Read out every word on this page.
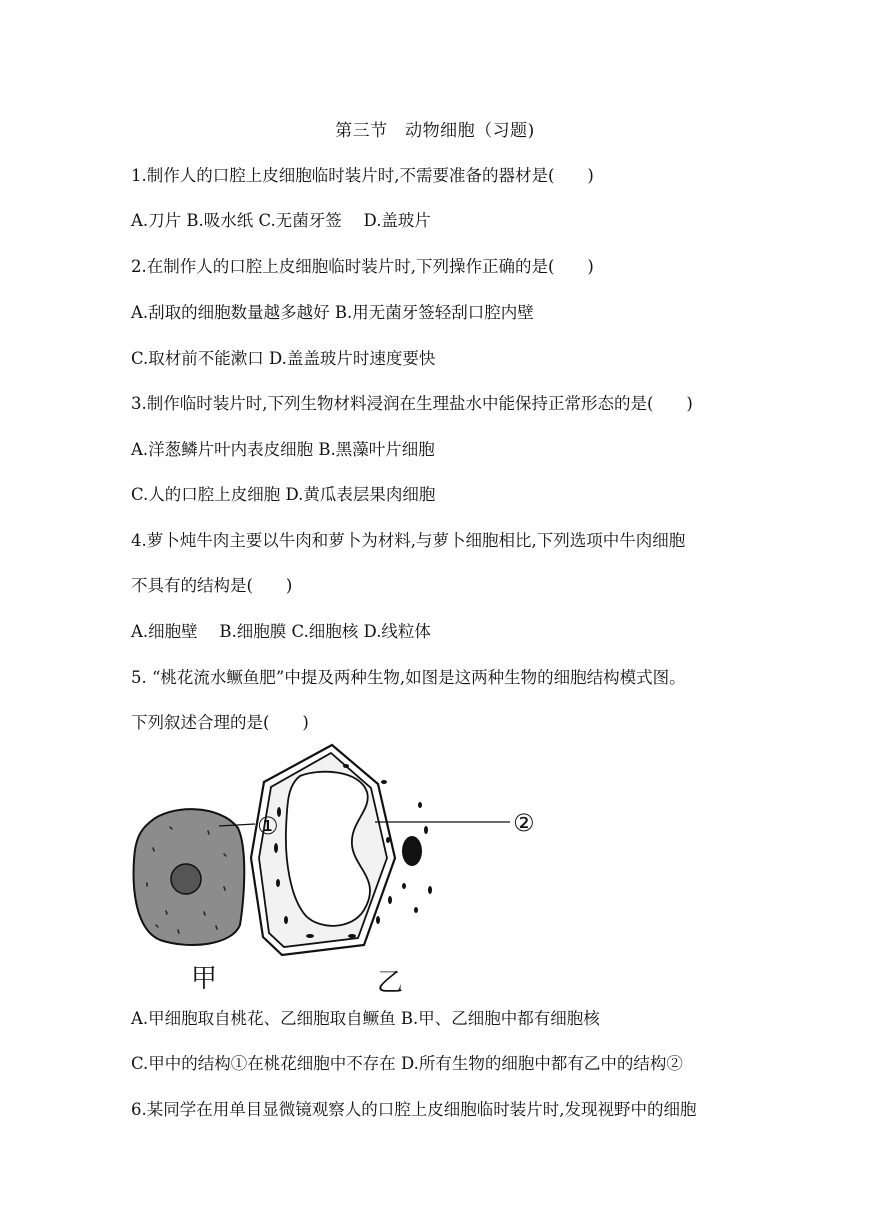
第三节　动物细胞（习题)
1.制作人的口腔上皮细胞临时装片时,不需要准备的器材是(　　)
A.刀片 B.吸水纸 C.无菌牙签　 D.盖玻片
2.在制作人的口腔上皮细胞临时装片时,下列操作正确的是(　　)
A.刮取的细胞数量越多越好 B.用无菌牙签轻刮口腔内壁
C.取材前不能漱口 D.盖盖玻片时速度要快
3.制作临时装片时,下列生物材料浸润在生理盐水中能保持正常形态的是(　　)
A.洋葱鳞片叶内表皮细胞 B.黑藻叶片细胞
C.人的口腔上皮细胞 D.黄瓜表层果肉细胞
4.萝卜炖牛肉主要以牛肉和萝卜为材料,与萝卜细胞相比,下列选项中牛肉细胞
不具有的结构是(　　)
A.细胞壁　 B.细胞膜 C.细胞核 D.线粒体
5. “桃花流水鳜鱼肥”中提及两种生物,如图是这两种生物的细胞结构模式图。
下列叙述合理的是(　　)
①	②
甲	乙
A.甲细胞取自桃花、乙细胞取自鳜鱼 B.甲、乙细胞中都有细胞核
C.甲中的结构①在桃花细胞中不存在 D.所有生物的细胞中都有乙中的结构②
6.某同学在用单目显微镜观察人的口腔上皮细胞临时装片时,发现视野中的细胞
